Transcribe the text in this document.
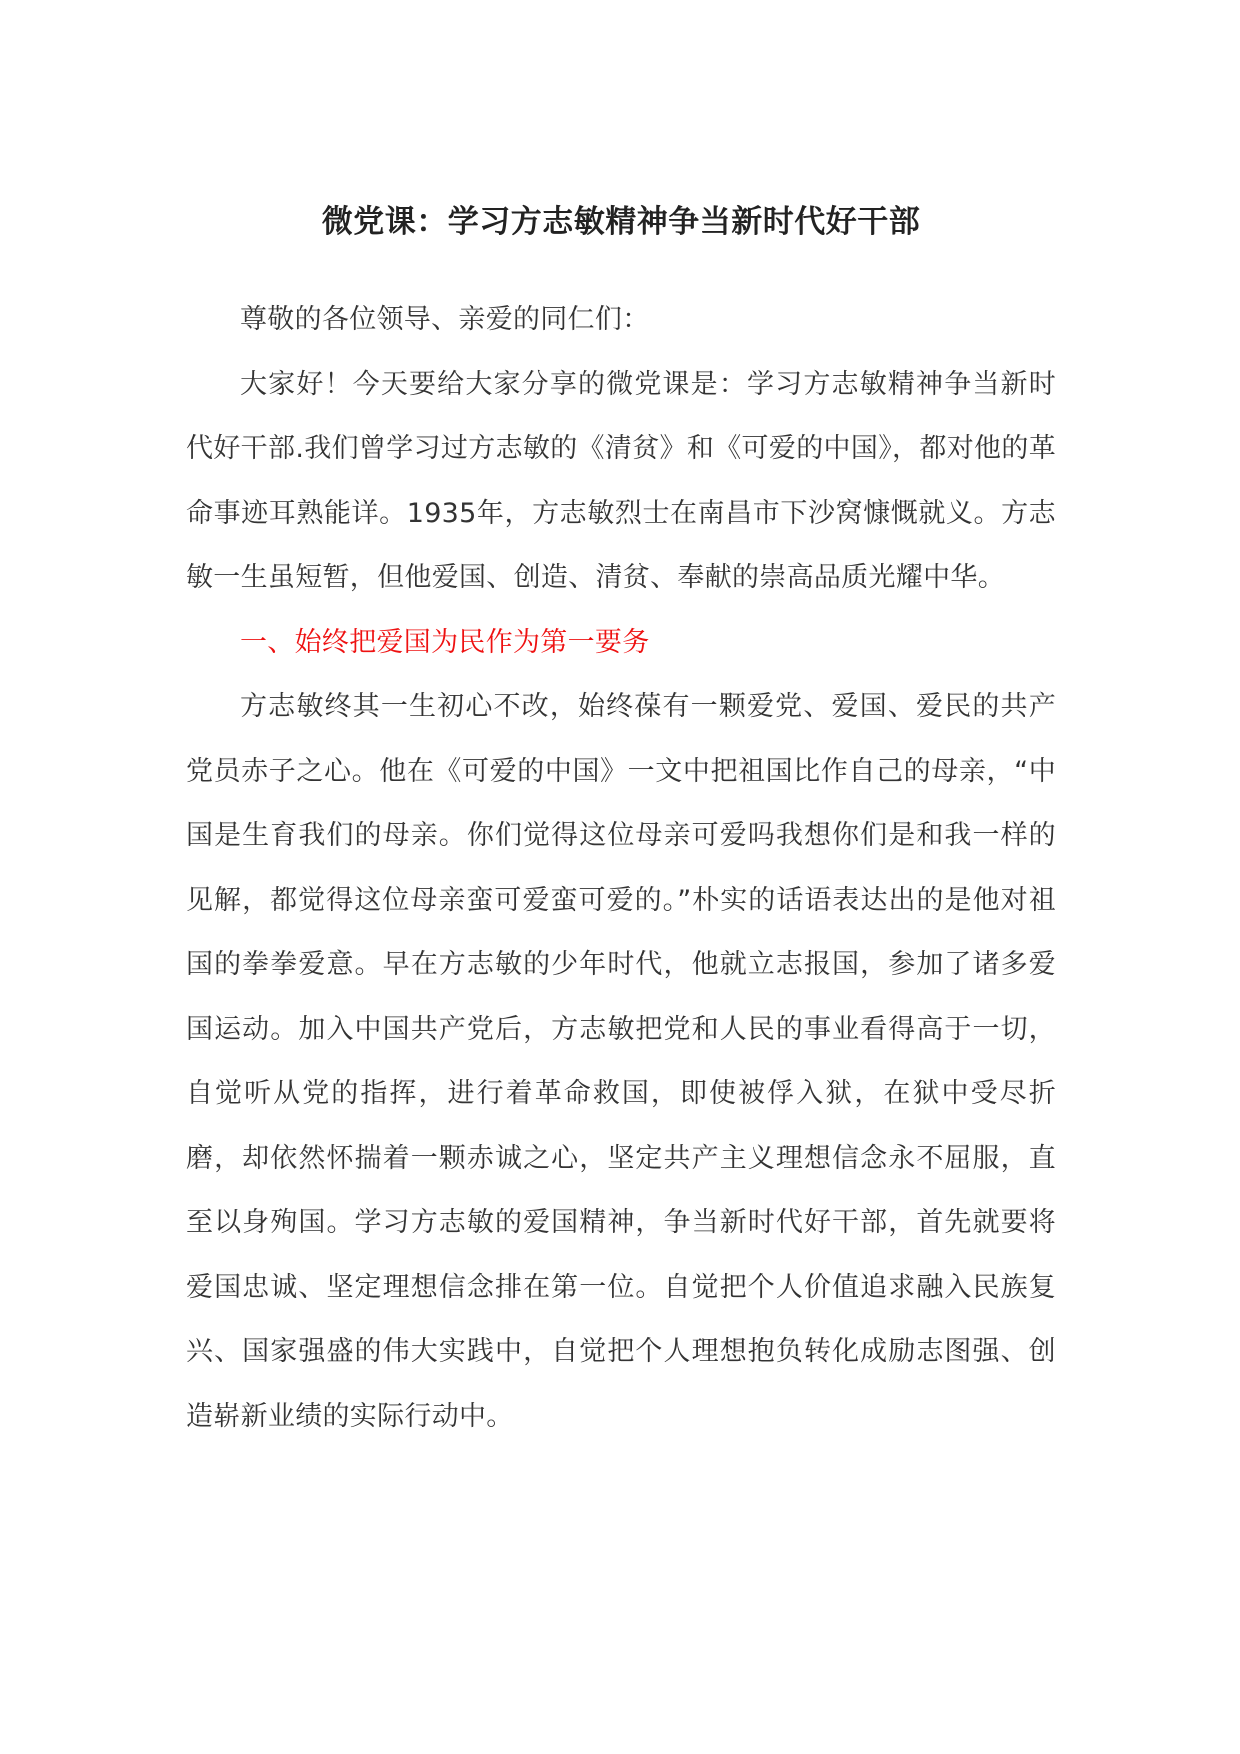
微党课：学习方志敏精神争当新时代好干部

尊敬的各位领导、亲爱的同仁们：

大家好！今天要给大家分享的微党课是：学习方志敏精神争当新时代好干部.我们曾学习过方志敏的《清贫》和《可爱的中国》，都对他的革命事迹耳熟能详。1935年，方志敏烈士在南昌市下沙窝慷慨就义。方志敏一生虽短暂，但他爱国、创造、清贫、奉献的崇高品质光耀中华。

一、始终把爱国为民作为第一要务

方志敏终其一生初心不改，始终葆有一颗爱党、爱国、爱民的共产党员赤子之心。他在《可爱的中国》一文中把祖国比作自己的母亲，“中国是生育我们的母亲。你们觉得这位母亲可爱吗我想你们是和我一样的见解，都觉得这位母亲蛮可爱蛮可爱的。”朴实的话语表达出的是他对祖国的拳拳爱意。早在方志敏的少年时代，他就立志报国，参加了诸多爱国运动。加入中国共产党后，方志敏把党和人民的事业看得高于一切，自觉听从党的指挥，进行着革命救国，即使被俘入狱，在狱中受尽折磨，却依然怀揣着一颗赤诚之心，坚定共产主义理想信念永不屈服，直至以身殉国。学习方志敏的爱国精神，争当新时代好干部，首先就要将爱国忠诚、坚定理想信念排在第一位。自觉把个人价值追求融入民族复兴、国家强盛的伟大实践中，自觉把个人理想抱负转化成励志图强、创造崭新业绩的实际行动中。
